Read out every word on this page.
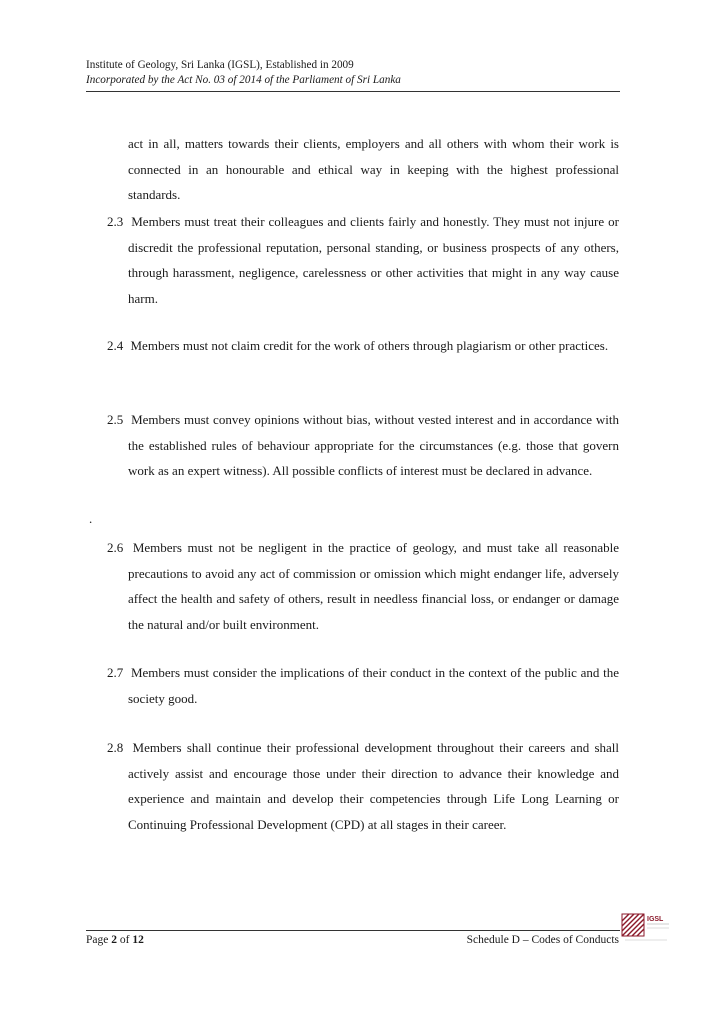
Institute of Geology, Sri Lanka (IGSL), Established in 2009
Incorporated by the Act No. 03 of 2014 of the Parliament of Sri Lanka

act in all, matters towards their clients, employers and all others with whom their work is connected in an honourable and ethical way in keeping with the highest professional standards.

2.3 Members must treat their colleagues and clients fairly and honestly. They must not injure or discredit the professional reputation, personal standing, or business prospects of any others, through harassment, negligence, carelessness or other activities that might in any way cause harm.

2.4 Members must not claim credit for the work of others through plagiarism or other practices.

2.5 Members must convey opinions without bias, without vested interest and in accordance with the established rules of behaviour appropriate for the circumstances (e.g. those that govern work as an expert witness). All possible conflicts of interest must be declared in advance.

2.6 Members must not be negligent in the practice of geology, and must take all reasonable precautions to avoid any act of commission or omission which might endanger life, adversely affect the health and safety of others, result in needless financial loss, or endanger or damage the natural and/or built environment.

2.7 Members must consider the implications of their conduct in the context of the public and the society good.

2.8 Members shall continue their professional development throughout their careers and shall actively assist and encourage those under their direction to advance their knowledge and experience and maintain and develop their competencies through Life Long Learning or Continuing Professional Development (CPD) at all stages in their career.

.
Page 2 of 12	Schedule D – Codes of Conducts
IGSL
